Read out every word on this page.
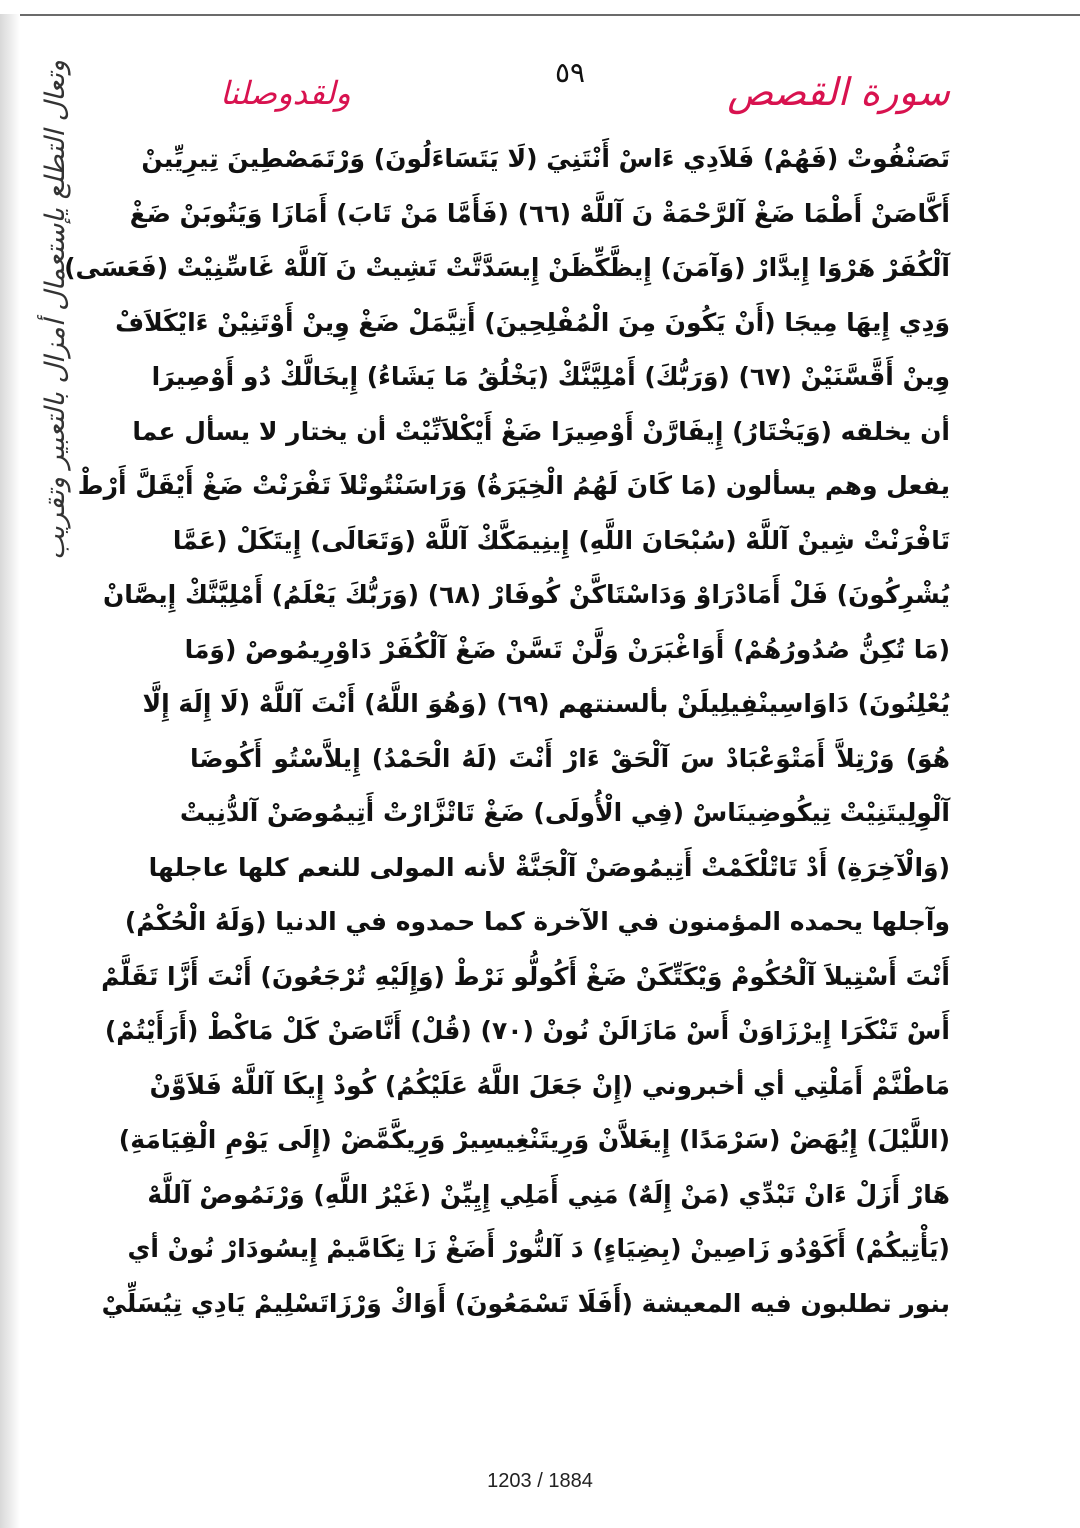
٥٩	سورة القصص
ولقدوصلنا
تَصَنْفُوتْ (فَهُمْ) فَلاَدِي ءَاسْ أَنْتَنِيَ (لَا يَتَسَاءَلُونَ) وَرْتَمَصْطِينَ تِيرِيِّينْ
أَكَّاصَنْ أَطْمَا ضَغْ آلرَّحْمَةْ نَ آللَّهْ (٦٦) (فَأَمَّا مَنْ تَابَ) أَمَازَا وَيَتُوبَنْ ضَغْ
آلْكُفَرْ هَرْوَا إِيدَّارْ (وَآمَنَ) إِيظَّكِّظَنْ إِيسَدَّتَّتْ تَشِيتْ نَ آللَّهْ غَاسِّنِيْتْ (فَعَسَى)
وَدِي إِيهَا مِيجَا (أَنْ يَكُونَ مِنَ الْمُفْلِحِينَ) أَتِيَّمَلْ ضَغْ وِينْ أَوْتَنِيْنْ ءَايْكَلاَفْ
وِينْ أَقَّسَّنَيْنْ (٦٧) (وَرَبُّكَ) أَمْلِيَّنَّكْ (يَخْلُقُ مَا يَشَاءُ) إِيخَالَّكْ دُو أَوْصِيرَا
أن يخلقه (وَيَخْتَارُ) إِيفَارَّنْ أَوْصِيرَا ضَغْ أَيْكْلاَنِّيْتْ أن يختار لا يسأل عما
يفعل وهم يسألون (مَا كَانَ لَهُمُ الْخِيَرَةُ) وَرَاسَنْتُوتْلاَ تَفْرَنْتْ ضَغْ أَيْقَلَّ أَرْطْ
تَافْرَنْتْ شِينْ آللَّهْ (سُبْحَانَ اللَّهِ) إِينِيمَكَّكْ آللَّهْ (وَتَعَالَى) إِيتَكَلْ (عَمَّا
يُشْرِكُونَ) فَلْ أَمَادْرَاوْ وَدَاسْتَاكَّنْ كُوفَارْ (٦٨) (وَرَبُّكَ يَعْلَمُ) أَمْلِيَّنَّكْ إِيصَّانْ
(مَا تُكِنُّ صُدُورُهُمْ) أَوَاغْبَرَنْ وَلَّنْ تَسَّنْ ضَغْ آلْكُفَرْ دَاوْرِيمُوصْ (وَمَا
يُعْلِنُونَ) دَاوَاسِينْفِيلِيلَنْ بألسنتهم (٦٩) (وَهُوَ اللَّهُ) أَنْتَ آللَّهْ (لَا إِلَهَ إِلَّا
هُوَ) وَرْتِلاَّ أَمَتْوَعْبَادْ سَ آلْحَقْ ءَارْ أَنْتَ (لَهُ الْحَمْدُ) إِيلاَّسْتُو أَكُوضَا
آلْوِلِيتَنِيْتْ تِيكُوضِينَاسْ (فِي الْأُولَى) ضَغْ تَاتْزَّارْتْ أَتِيمُوصَنْ آلدُّنِيتْ
(وَالْآخِرَةِ) أَدْ تَاتْلْكَمْتْ أَتِيمُوصَنْ آلْجَنَّةْ لأنه المولى للنعم كلها عاجلها
وآجلها يحمده المؤمنون في الآخرة كما حمدوه في الدنيا (وَلَهُ الْحُكْمُ)
أَنْتَ أَسْتِيلاَ آلْحُكُومْ وَيْكَتِّكَنْ ضَغْ أَكُولُّو نَرْطْ (وَإِلَيْهِ تُرْجَعُونَ) أَنْتَ أَزَّا تَقَلَّمْ
أَسْ تَنْكَرَا إِيرْزَاوَنْ أَسْ مَازَالَنْ نُونْ (٧٠) (قُلْ) أَنَّاصَنْ كَلْ مَاكْطْ (أَرَأَيْتُمْ)
مَاطْنَّمْ أَمَلْتِي أي أخبروني (إِنْ جَعَلَ اللَّهُ عَلَيْكُمُ) كُودْ إِيكَا آللَّهْ فَلاَوَّنْ
(اللَّيْلَ) إِيُهَضْ (سَرْمَدًا) إِيغَلاَّنْ وَرِيتَنْغِيسِيرْ وَرِيكَّمَّضْ (إِلَى يَوْمِ الْقِيَامَةِ)
هَارْ أَزَلْ ءَانْ تَبْدِّي (مَنْ إِلَهٌ) مَنِي أَمَلِي إِيِيِّنْ (غَيْرُ اللَّهِ) وَرْنَمُوصْ آللَّهْ
(يَأْتِيكُمْ) أَكَوْدُو زَاصِينْ (بِضِيَاءٍ) دَ آلنُّورْ أَضَغْ زَا تِكَامَّيمْ إِيسُودَارْ نُونْ أي
بنور تطلبون فيه المعيشة (أَفَلَا تَسْمَعُونَ) أَوَاكْ وَرْزَاتَسْلِيمْ يَادِي تِيُسَلِّيْ
وتعال التطلع يإستعمال أمزال بالتعبير وتقريب
1203 / 1884
